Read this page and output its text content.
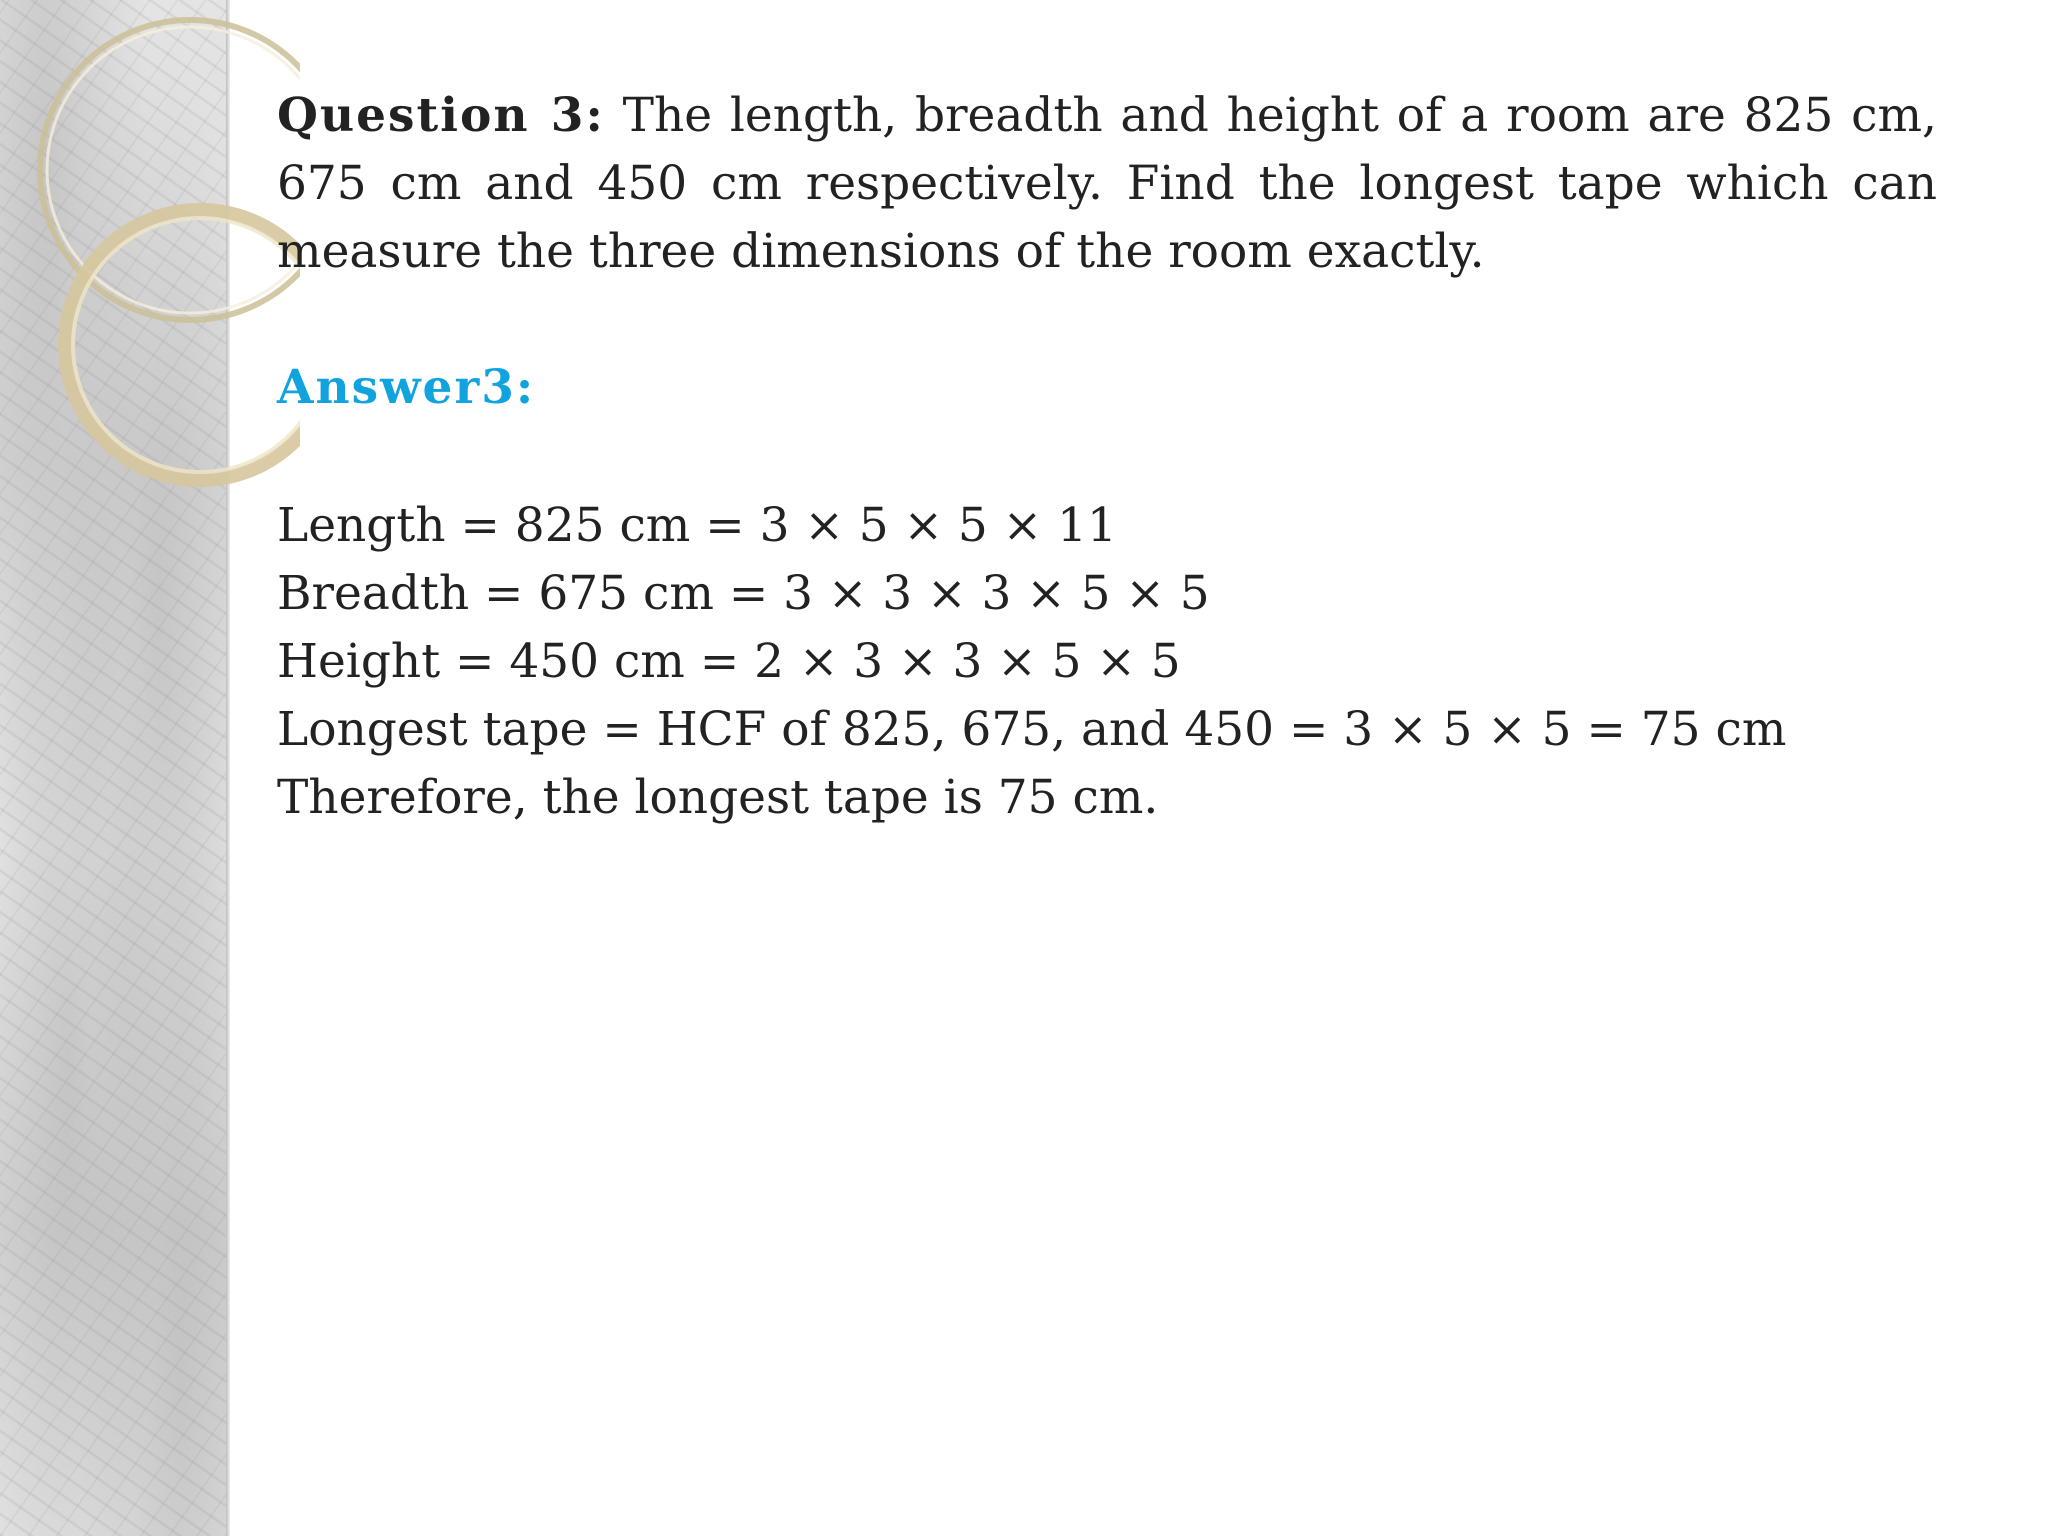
Question 3: The length, breadth and height of a room are 825 cm, 675 cm and 450 cm respectively. Find the longest tape which can measure the three dimensions of the room exactly.

Answer3:
Length = 825 cm = 3 × 5 × 5 × 11
Breadth = 675 cm = 3 × 3 × 3 × 5 × 5
Height = 450 cm = 2 × 3 × 3 × 5 × 5
Longest tape = HCF of 825, 675, and 450 = 3 × 5 × 5 = 75 cm
Therefore, the longest tape is 75 cm.
